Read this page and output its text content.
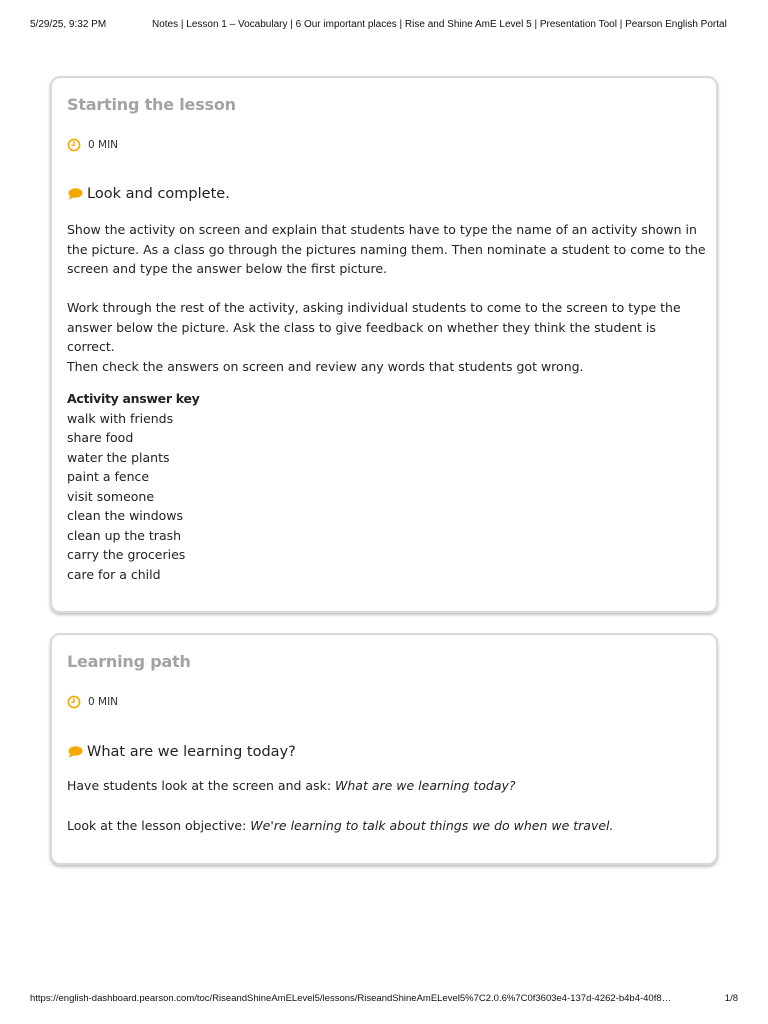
5/29/25, 9:32 PM	Notes | Lesson 1 – Vocabulary | 6 Our important places | Rise and Shine AmE Level 5 | Presentation Tool | Pearson English Portal
Starting the lesson
0 MIN
Look and complete.

Show the activity on screen and explain that students have to type the name of an activity shown in the picture. As a class go through the pictures naming them. Then nominate a student to come to the screen and type the answer below the first picture.

Work through the rest of the activity, asking individual students to come to the screen to type the answer below the picture. Ask the class to give feedback on whether they think the student is correct.

Then check the answers on screen and review any words that students got wrong.

Activity answer key
walk with friends
share food
water the plants
paint a fence
visit someone
clean the windows
clean up the trash
carry the groceries
care for a child
Learning path
0 MIN
What are we learning today?

Have students look at the screen and ask: What are we learning today?

Look at the lesson objective: We're learning to talk about things we do when we travel.

https://english-dashboard.pearson.com/toc/RiseandShineAmELevel5/lessons/RiseandShineAmELevel5%7C2.0.6%7C0f3603e4-137d-4262-b4b4-40f8…	1/8
